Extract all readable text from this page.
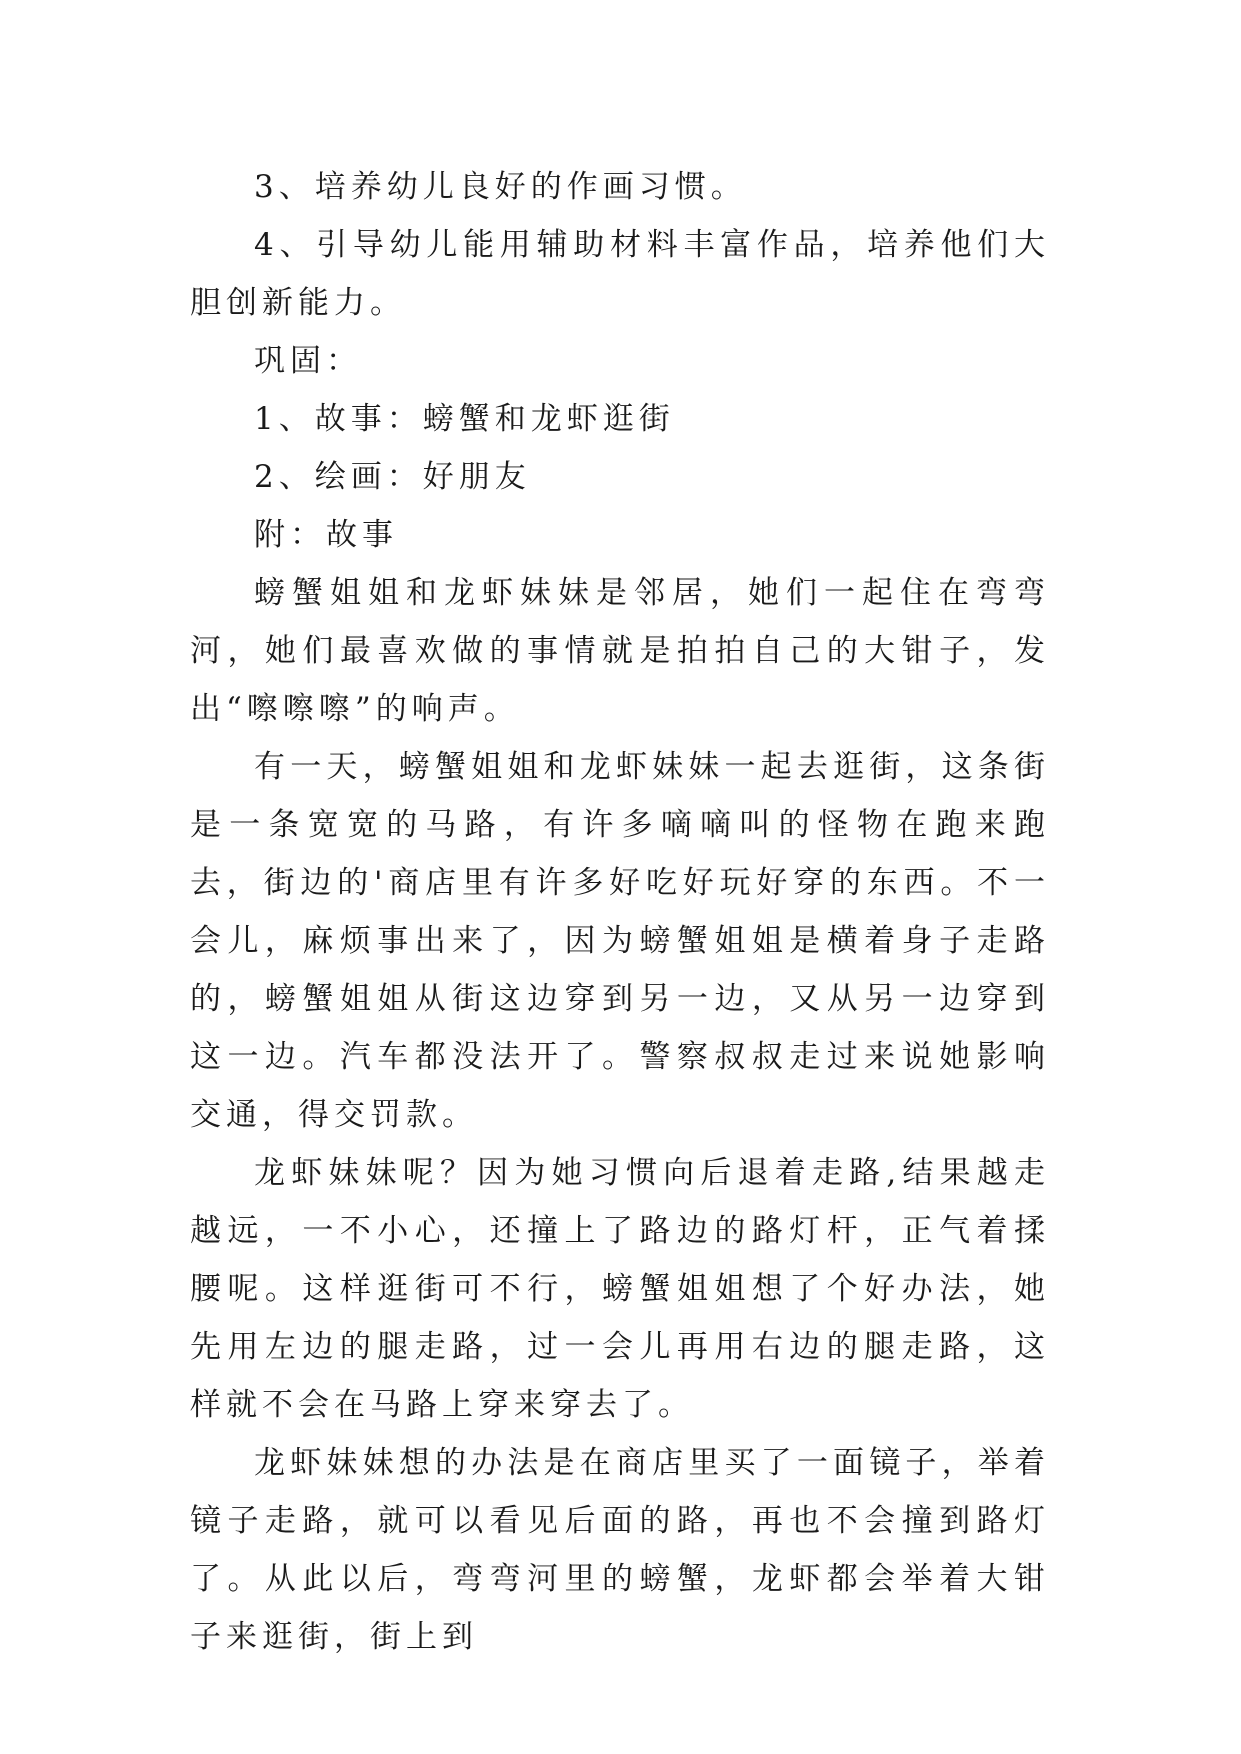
3、培养幼儿良好的作画习惯。

4、引导幼儿能用辅助材料丰富作品，培养他们大胆创新能力。

巩固：

1、故事：螃蟹和龙虾逛街

2、绘画：好朋友

附：故事

螃蟹姐姐和龙虾妹妹是邻居，她们一起住在弯弯河，她们最喜欢做的事情就是拍拍自己的大钳子，发出“嚓嚓嚓”的响声。

有一天，螃蟹姐姐和龙虾妹妹一起去逛街，这条街是一条宽宽的马路，有许多嘀嘀叫的怪物在跑来跑去，街边的'商店里有许多好吃好玩好穿的东西。不一会儿，麻烦事出来了，因为螃蟹姐姐是横着身子走路的，螃蟹姐姐从街这边穿到另一边，又从另一边穿到这一边。汽车都没法开了。警察叔叔走过来说她影响交通，得交罚款。

龙虾妹妹呢？因为她习惯向后退着走路,结果越走越远，一不小心，还撞上了路边的路灯杆，正气着揉腰呢。这样逛街可不行，螃蟹姐姐想了个好办法，她先用左边的腿走路，过一会儿再用右边的腿走路，这样就不会在马路上穿来穿去了。

龙虾妹妹想的办法是在商店里买了一面镜子，举着镜子走路，就可以看见后面的路，再也不会撞到路灯了。从此以后，弯弯河里的螃蟹，龙虾都会举着大钳子来逛街，街上到
